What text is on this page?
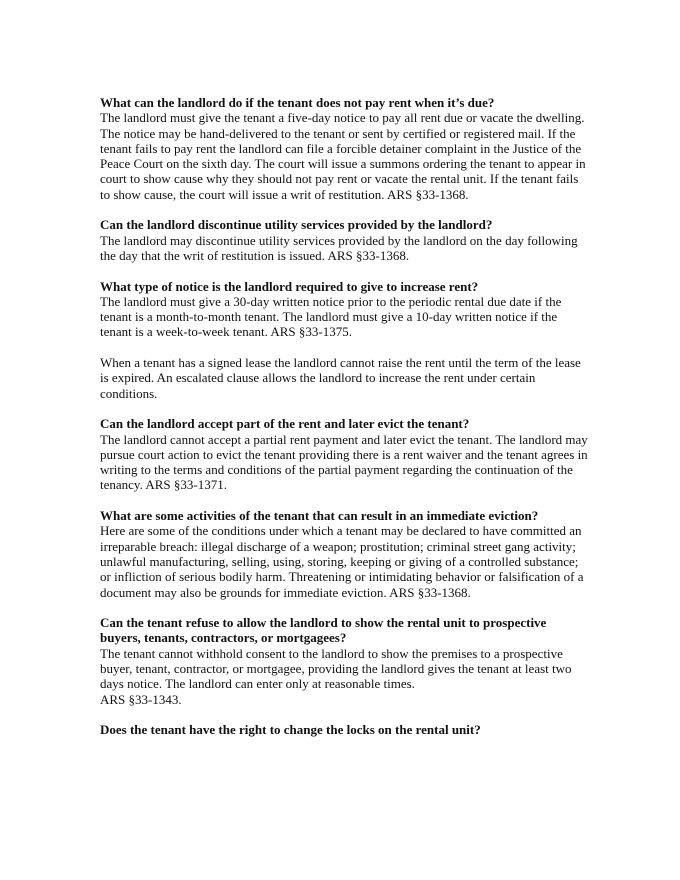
What can the landlord do if the tenant does not pay rent when it’s due?
The landlord must give the tenant a five-day notice to pay all rent due or vacate the dwelling. The notice may be hand-delivered to the tenant or sent by certified or registered mail. If the tenant fails to pay rent the landlord can file a forcible detainer complaint in the Justice of the Peace Court on the sixth day. The court will issue a summons ordering the tenant to appear in court to show cause why they should not pay rent or vacate the rental unit. If the tenant fails to show cause, the court will issue a writ of restitution. ARS §33-1368.
Can the landlord discontinue utility services provided by the landlord?
The landlord may discontinue utility services provided by the landlord on the day following the day that the writ of restitution is issued. ARS §33-1368.
What type of notice is the landlord required to give to increase rent?
The landlord must give a 30-day written notice prior to the periodic rental due date if the tenant is a month-to-month tenant. The landlord must give a 10-day written notice if the tenant is a week-to-week tenant. ARS §33-1375.
When a tenant has a signed lease the landlord cannot raise the rent until the term of the lease is expired. An escalated clause allows the landlord to increase the rent under certain conditions.
Can the landlord accept part of the rent and later evict the tenant?
The landlord cannot accept a partial rent payment and later evict the tenant. The landlord may pursue court action to evict the tenant providing there is a rent waiver and the tenant agrees in writing to the terms and conditions of the partial payment regarding the continuation of the tenancy. ARS §33-1371.
What are some activities of the tenant that can result in an immediate eviction?
Here are some of the conditions under which a tenant may be declared to have committed an irreparable breach: illegal discharge of a weapon; prostitution; criminal street gang activity; unlawful manufacturing, selling, using, storing, keeping or giving of a controlled substance; or infliction of serious bodily harm. Threatening or intimidating behavior or falsification of a document may also be grounds for immediate eviction. ARS §33-1368.
Can the tenant refuse to allow the landlord to show the rental unit to prospective buyers, tenants, contractors, or mortgagees?
The tenant cannot withhold consent to the landlord to show the premises to a prospective buyer, tenant, contractor, or mortgagee, providing the landlord gives the tenant at least two days notice. The landlord can enter only at reasonable times.
ARS §33-1343.
Does the tenant have the right to change the locks on the rental unit?
